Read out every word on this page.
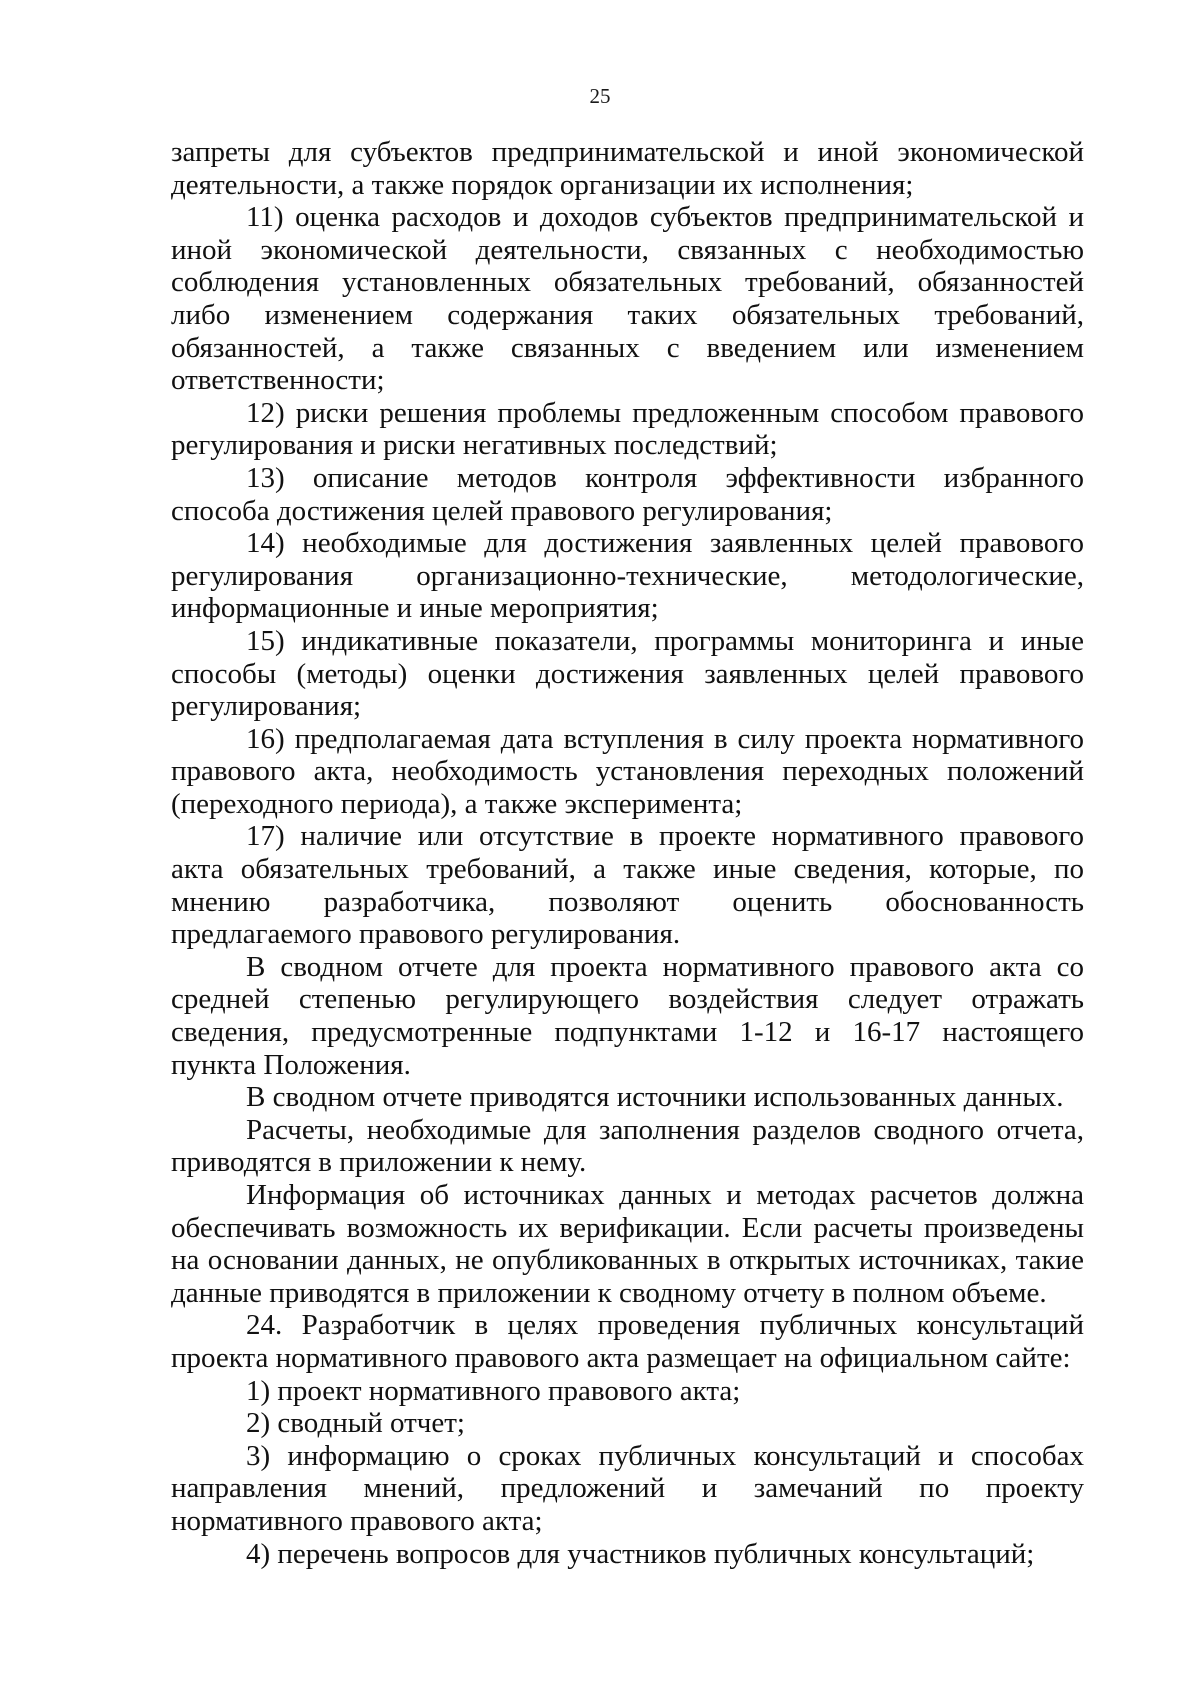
25

запреты для субъектов предпринимательской и иной экономической деятельности, а также порядок организации их исполнения;

11) оценка расходов и доходов субъектов предпринимательской и иной экономической деятельности, связанных с необходимостью соблюдения установленных обязательных требований, обязанностей либо изменением содержания таких обязательных требований, обязанностей, а также связанных с введением или изменением ответственности;

12) риски решения проблемы предложенным способом правового регулирования и риски негативных последствий;

13) описание методов контроля эффективности избранного способа достижения целей правового регулирования;

14) необходимые для достижения заявленных целей правового регулирования организационно-технические, методологические, информационные и иные мероприятия;

15) индикативные показатели, программы мониторинга и иные способы (методы) оценки достижения заявленных целей правового регулирования;

16) предполагаемая дата вступления в силу проекта нормативного правового акта, необходимость установления переходных положений (переходного периода), а также эксперимента;

17) наличие или отсутствие в проекте нормативного правового акта обязательных требований, а также иные сведения, которые, по мнению разработчика, позволяют оценить обоснованность предлагаемого правового регулирования.

В сводном отчете для проекта нормативного правового акта со средней степенью регулирующего воздействия следует отражать сведения, предусмотренные подпунктами 1-12 и 16-17 настоящего пункта Положения.

В сводном отчете приводятся источники использованных данных.

Расчеты, необходимые для заполнения разделов сводного отчета, приводятся в приложении к нему.

Информация об источниках данных и методах расчетов должна обеспечивать возможность их верификации. Если расчеты произведены на основании данных, не опубликованных в открытых источниках, такие данные приводятся в приложении к сводному отчету в полном объеме.

24. Разработчик в целях проведения публичных консультаций проекта нормативного правового акта размещает на официальном сайте:

1) проект нормативного правового акта;

2) сводный отчет;

3) информацию о сроках публичных консультаций и способах направления мнений, предложений и замечаний по проекту нормативного правового акта;

4) перечень вопросов для участников публичных консультаций;
